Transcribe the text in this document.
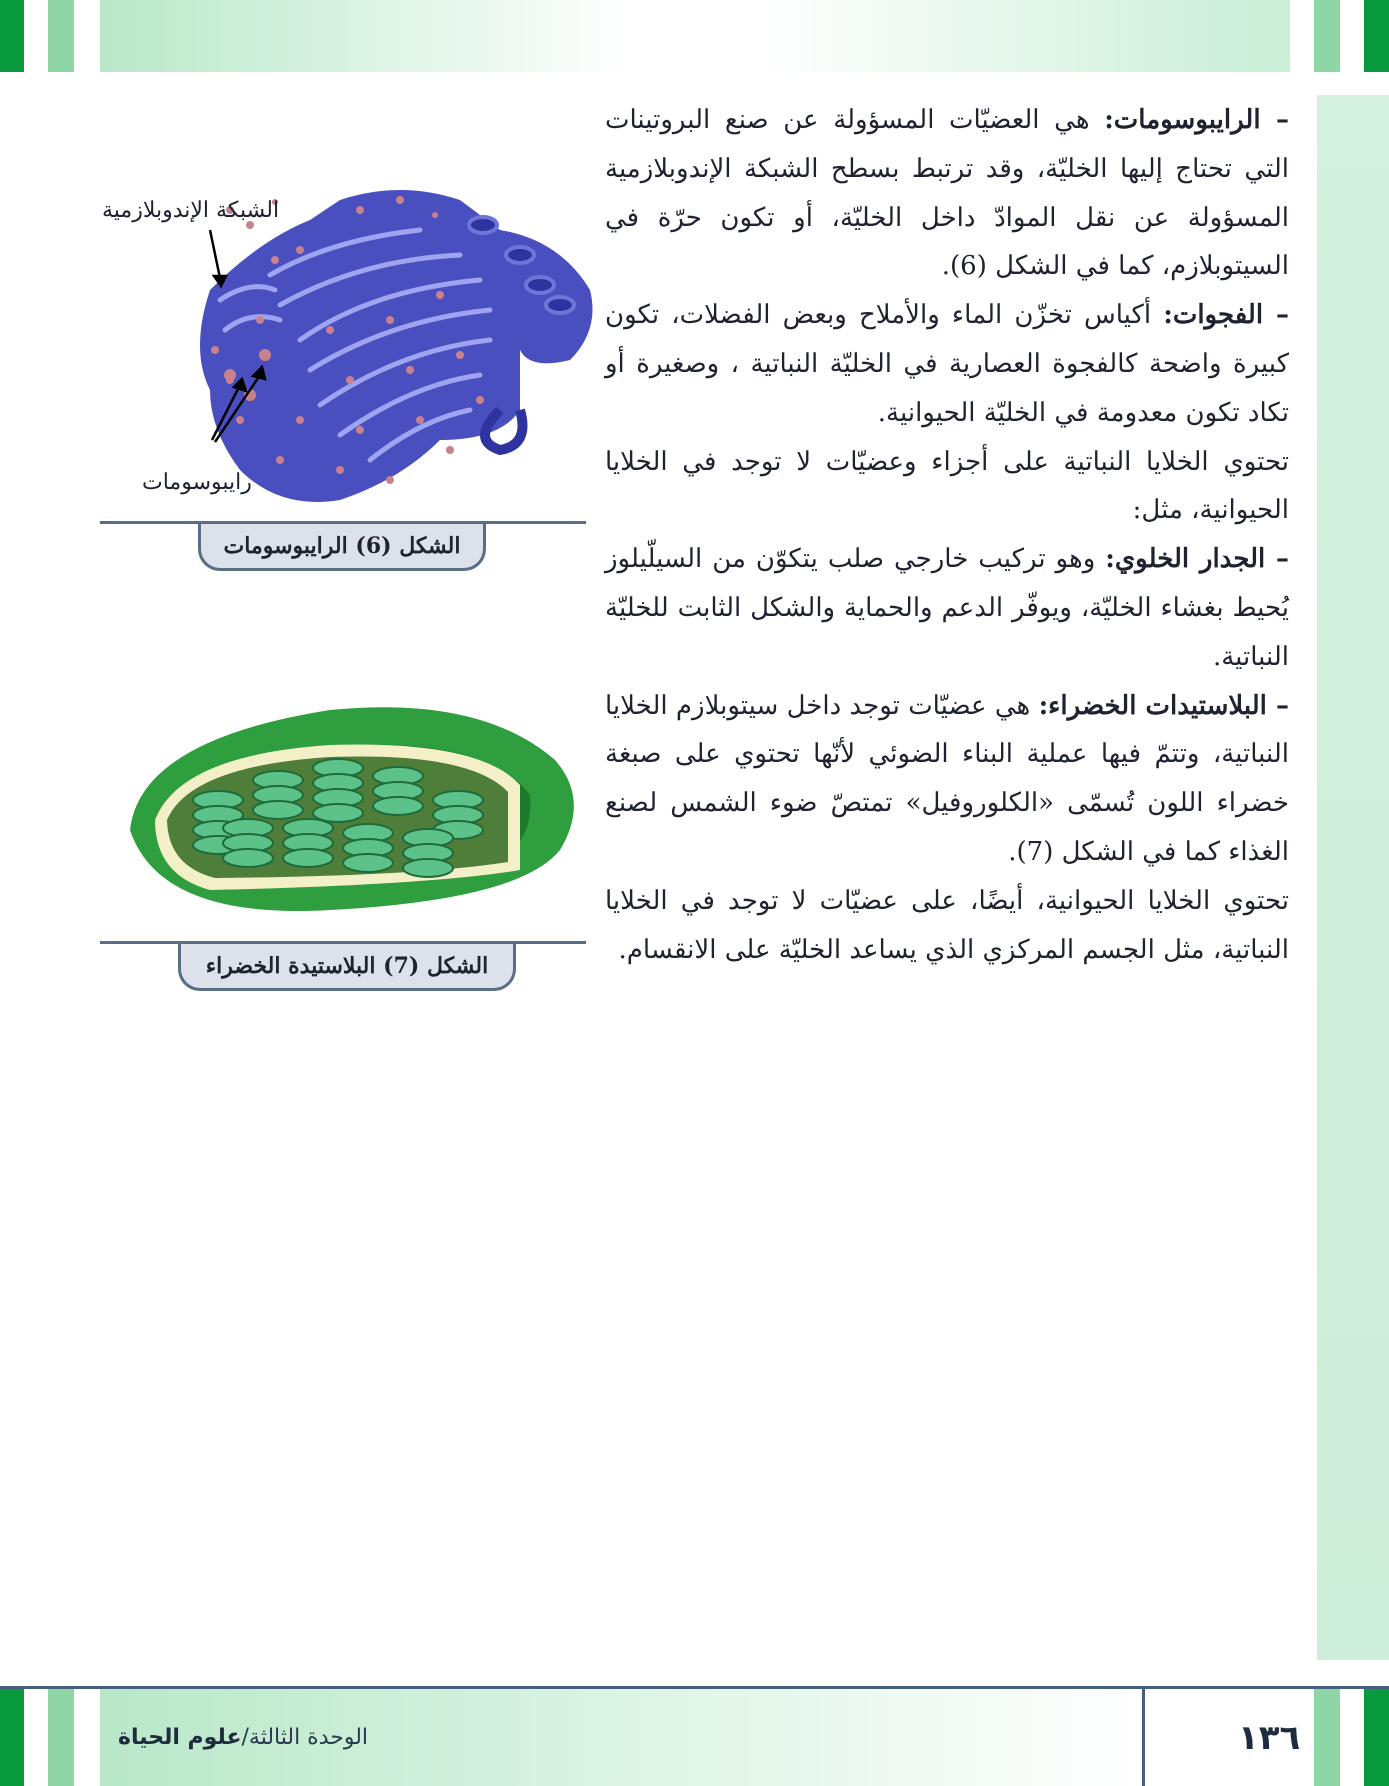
– الرايبوسومات: هي العضيّات المسؤولة عن صنع البروتينات التي تحتاج إليها الخليّة، وقد ترتبط بسطح الشبكة الإندوبلازمية المسؤولة عن نقل الموادّ داخل الخليّة، أو تكون حرّة في السيتوبلازم، كما في الشكل (6).

– الفجوات: أكياس تخزّن الماء والأملاح وبعض الفضلات، تكون كبيرة واضحة كالفجوة العصارية في الخليّة النباتية ، وصغيرة أو تكاد تكون معدومة في الخليّة الحيوانية.

تحتوي الخلايا النباتية على أجزاء وعضيّات لا توجد في الخلايا الحيوانية، مثل:

– الجدار الخلوي: وهو تركيب خارجي صلب يتكوّن من السيلّيلوز يُحيط بغشاء الخليّة، ويوفّر الدعم والحماية والشكل الثابت للخليّة النباتية.

– البلاستيدات الخضراء: هي عضيّات توجد داخل سيتوبلازم الخلايا النباتية، وتتمّ فيها عملية البناء الضوئي لأنّها تحتوي على صبغة خضراء اللون تُسمّى «الكلوروفيل» تمتصّ ضوء الشمس لصنع الغذاء كما في الشكل (7).

تحتوي الخلايا الحيوانية، أيضًا، على عضيّات لا توجد في الخلايا النباتية، مثل الجسم المركزي الذي يساعد الخليّة على الانقسام.

الشبكة الإندوبلازمية
رايبوسومات
الشكل (6) الرايبوسومات
الشكل (7) البلاستيدة الخضراء
الوحدة الثالثة/علوم الحياة	١٣٦
